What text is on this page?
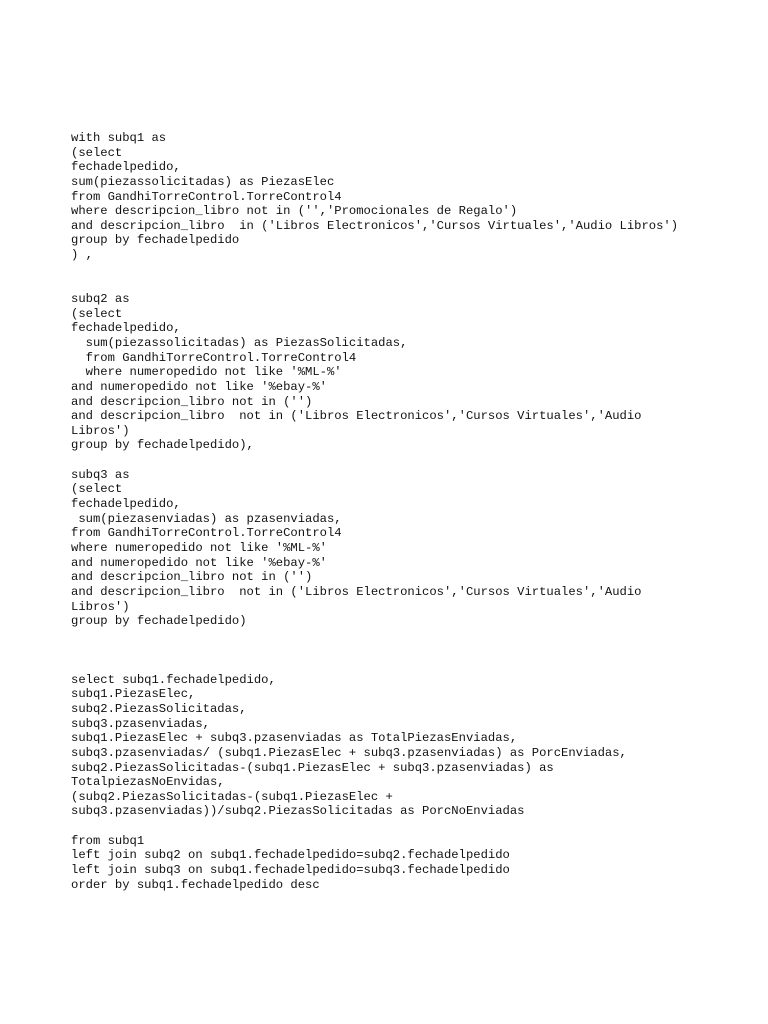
with subq1 as
(select
fechadelpedido,
sum(piezassolicitadas) as PiezasElec
from GandhiTorreControl.TorreControl4
where descripcion_libro not in ('','Promocionales de Regalo')
and descripcion_libro  in ('Libros Electronicos','Cursos Virtuales','Audio Libros')
group by fechadelpedido
) ,
subq2 as
(select
fechadelpedido,
sum(piezassolicitadas) as PiezasSolicitadas,
from GandhiTorreControl.TorreControl4
where numeropedido not like '%ML-%'
and numeropedido not like '%ebay-%'
and descripcion_libro not in ('')
and descripcion_libro  not in ('Libros Electronicos','Cursos Virtuales','Audio
Libros')
group by fechadelpedido),
subq3 as
(select
fechadelpedido,
sum(piezasenviadas) as pzasenviadas,
from GandhiTorreControl.TorreControl4
where numeropedido not like '%ML-%'
and numeropedido not like '%ebay-%'
and descripcion_libro not in ('')
and descripcion_libro  not in ('Libros Electronicos','Cursos Virtuales','Audio
Libros')
group by fechadelpedido)
select subq1.fechadelpedido,
subq1.PiezasElec,
subq2.PiezasSolicitadas,
subq3.pzasenviadas,
subq1.PiezasElec + subq3.pzasenviadas as TotalPiezasEnviadas,
subq3.pzasenviadas/ (subq1.PiezasElec + subq3.pzasenviadas) as PorcEnviadas,
subq2.PiezasSolicitadas-(subq1.PiezasElec + subq3.pzasenviadas) as
TotalpiezasNoEnvidas,
(subq2.PiezasSolicitadas-(subq1.PiezasElec +
subq3.pzasenviadas))/subq2.PiezasSolicitadas as PorcNoEnviadas
from subq1
left join subq2 on subq1.fechadelpedido=subq2.fechadelpedido
left join subq3 on subq1.fechadelpedido=subq3.fechadelpedido
order by subq1.fechadelpedido desc
